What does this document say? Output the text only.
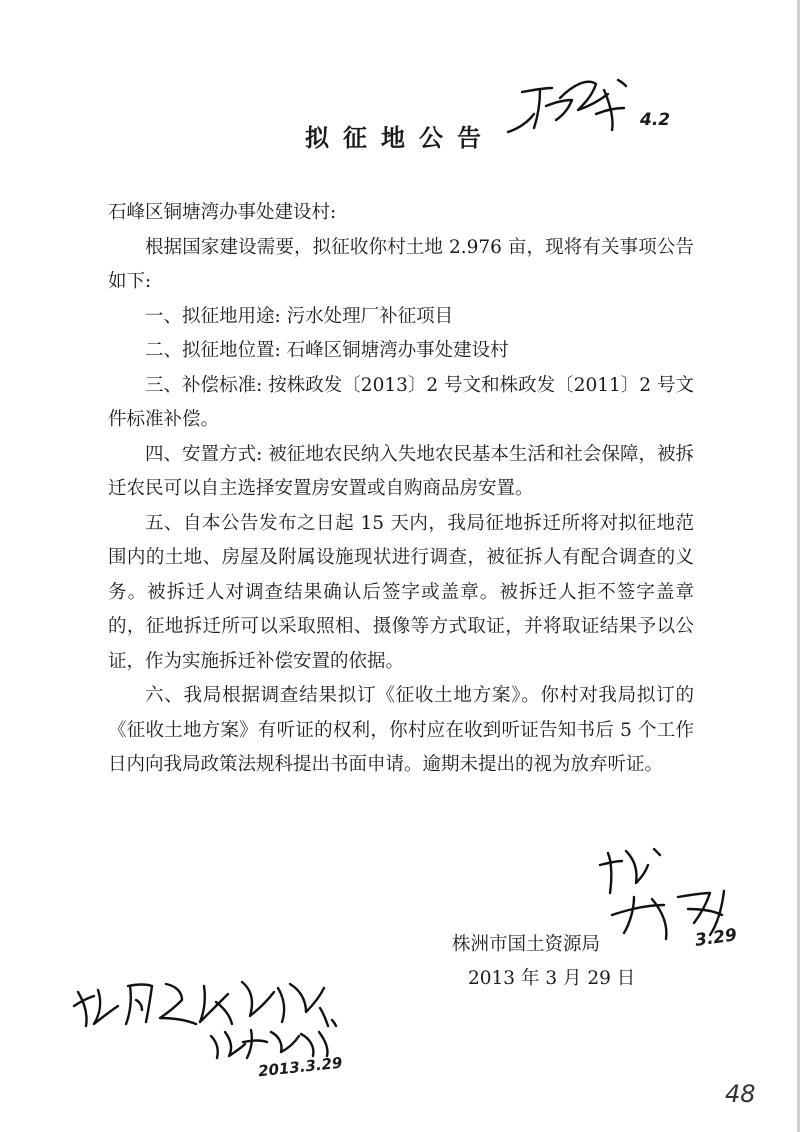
拟征地公告
4.2

石峰区铜塘湾办事处建设村:

根据国家建设需要，拟征收你村土地 2.976 亩，现将有关事项公告如下:

一、拟征地用途: 污水处理厂补征项目

二、拟征地位置: 石峰区铜塘湾办事处建设村

三、补偿标准: 按株政发〔2013〕2 号文和株政发〔2011〕2 号文件标准补偿。

四、安置方式: 被征地农民纳入失地农民基本生活和社会保障，被拆迁农民可以自主选择安置房安置或自购商品房安置。

五、自本公告发布之日起 15 天内，我局征地拆迁所将对拟征地范围内的土地、房屋及附属设施现状进行调查，被征拆人有配合调查的义务。被拆迁人对调查结果确认后签字或盖章。被拆迁人拒不签字盖章的，征地拆迁所可以采取照相、摄像等方式取证，并将取证结果予以公证，作为实施拆迁补偿安置的依据。

六、我局根据调查结果拟订《征收土地方案》。你村对我局拟订的《征收土地方案》有听证的权利，你村应在收到听证告知书后 5 个工作日内向我局政策法规科提出书面申请。逾期未提出的视为放弃听证。

3.29
株洲市国土资源局
2013 年 3 月 29 日
2013.3.29
48
